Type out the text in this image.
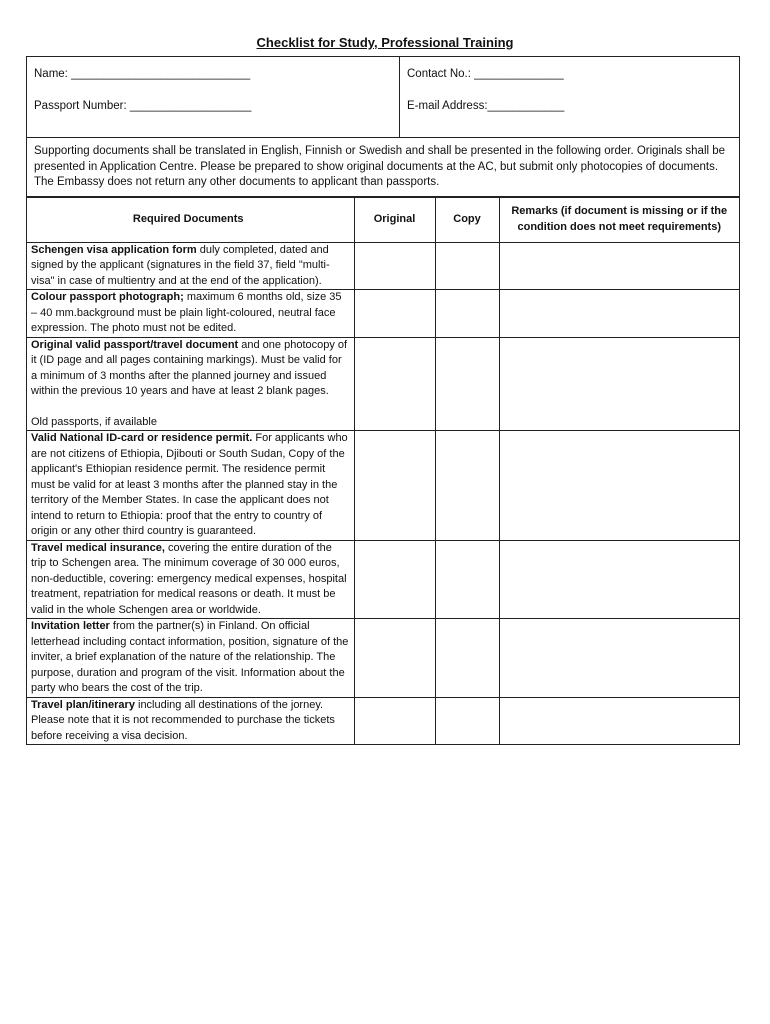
Checklist for Study, Professional Training
Name: ____________________________
Passport Number: ___________________
Contact No.: ______________
E-mail Address:____________
Supporting documents shall be translated in English, Finnish or Swedish and shall be presented in the following order. Originals shall be presented in Application Centre. Please be prepared to show original documents at the AC, but submit only photocopies of documents. The Embassy does not return any other documents to applicant than passports.
Required Documents	Original	Copy	Remarks (if document is missing or if the condition does not meet requirements)
Schengen visa application form duly completed, dated and signed by the applicant (signatures in the field 37, field "multi-visa" in case of multientry and at the end of the application).			
Colour passport photograph; maximum 6 months old, size 35 – 40 mm.background must be plain light-coloured, neutral face expression. The photo must not be edited.			
Original valid passport/travel document and one photocopy of it (ID page and all pages containing markings). Must be valid for a minimum of 3 months after the planned journey and issued within the previous 10 years and have at least 2 blank pages.
Old passports, if available			
Valid National ID-card or residence permit. For applicants who are not citizens of Ethiopia, Djibouti or South Sudan, Copy of the applicant's Ethiopian residence permit. The residence permit must be valid for at least 3 months after the planned stay in the territory of the Member States. In case the applicant does not intend to return to Ethiopia: proof that the entry to country of origin or any other third country is guaranteed.			
Travel medical insurance, covering the entire duration of the trip to Schengen area. The minimum coverage of 30 000 euros, non-deductible, covering: emergency medical expenses, hospital treatment, repatriation for medical reasons or death. It must be valid in the whole Schengen area or worldwide.			
Invitation letter from the partner(s) in Finland. On official letterhead including contact information, position, signature of the inviter, a brief explanation of the nature of the relationship. The purpose, duration and program of the visit. Information about the party who bears the cost of the trip.			
Travel plan/itinerary including all destinations of the jorney. Please note that it is not recommended to purchase the tickets before receiving a visa decision.			
